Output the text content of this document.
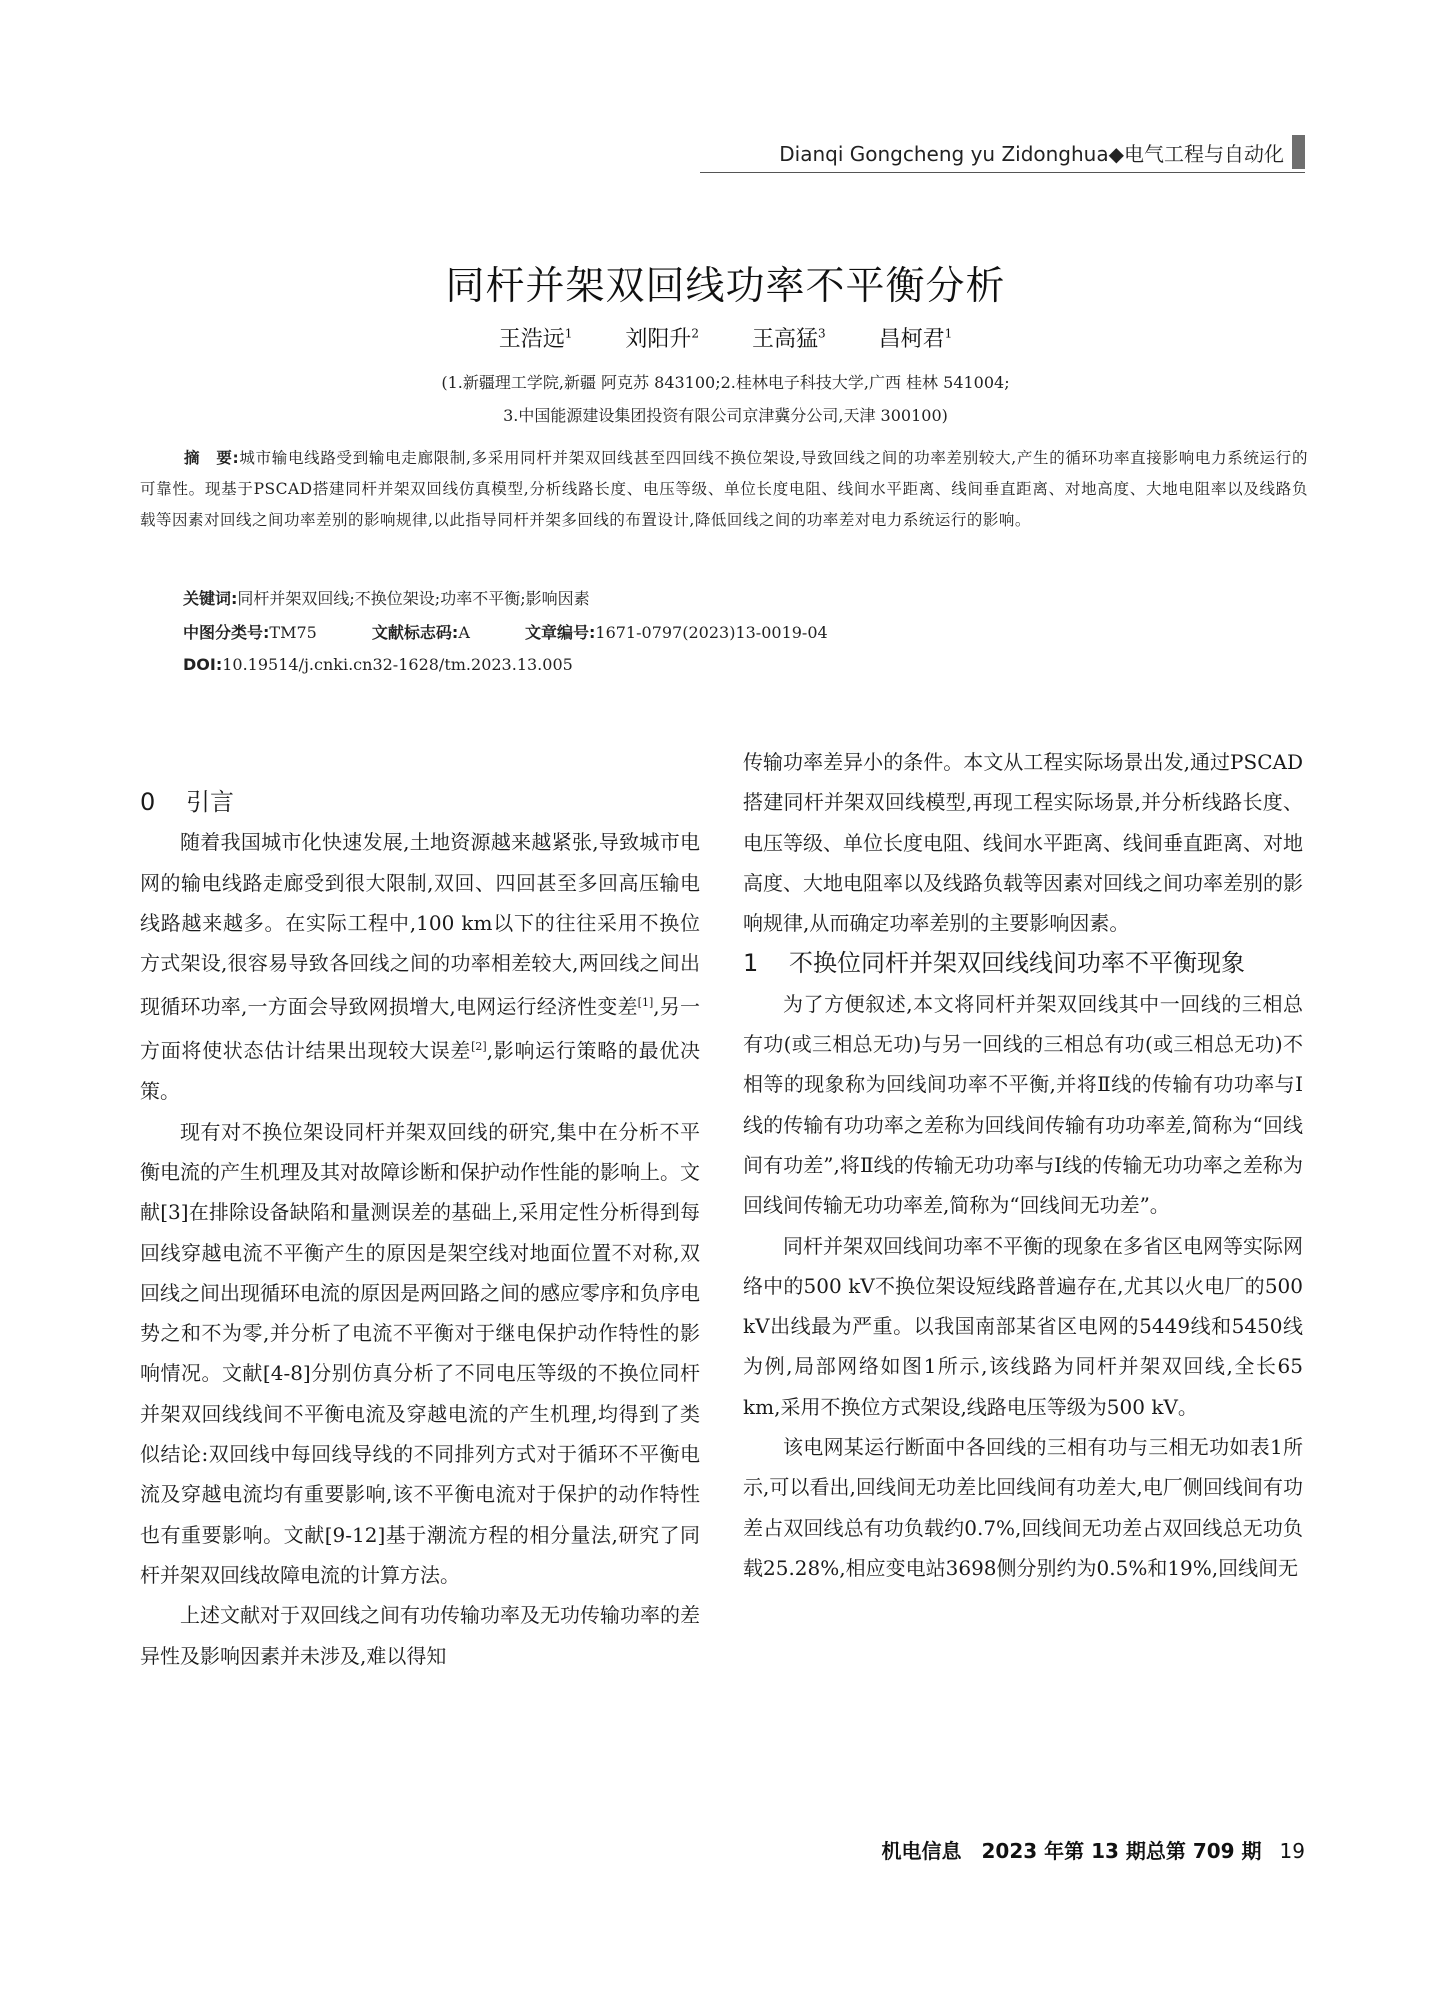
Dianqi Gongcheng yu Zidonghua◆电气工程与自动化
同杆并架双回线功率不平衡分析
王浩远$^1$ 刘阳升$^2$ 王高猛$^3$ 昌柯君$^1$
(1.新疆理工学院,新疆 阿克苏 843100;2.桂林电子科技大学,广西 桂林 541004;
3.中国能源建设集团投资有限公司京津冀分公司,天津 300100)
摘　要:城市输电线路受到输电走廊限制,多采用同杆并架双回线甚至四回线不换位架设,导致回线之间的功率差别较大,产生的循环功率直接影响电力系统运行的可靠性。现基于PSCAD搭建同杆并架双回线仿真模型,分析线路长度、电压等级、单位长度电阻、线间水平距离、线间垂直距离、对地高度、大地电阻率以及线路负载等因素对回线之间功率差别的影响规律,以此指导同杆并架多回线的布置设计,降低回线之间的功率差对电力系统运行的影响。
关键词:同杆并架双回线;不换位架设;功率不平衡;影响因素
中图分类号:TM75	文献标志码:A	文章编号:1671-0797(2023)13-0019-04
DOI:10.19514/j.cnki.cn32-1628/tm.2023.13.005
0 引言

随着我国城市化快速发展,土地资源越来越紧张,导致城市电网的输电线路走廊受到很大限制,双回、四回甚至多回高压输电线路越来越多。在实际工程中,100 km以下的往往采用不换位方式架设,很容易导致各回线之间的功率相差较大,两回线之间出现循环功率,一方面会导致网损增大,电网运行经济性变差[1],另一方面将使状态估计结果出现较大误差[2],影响运行策略的最优决策。

现有对不换位架设同杆并架双回线的研究,集中在分析不平衡电流的产生机理及其对故障诊断和保护动作性能的影响上。文献[3]在排除设备缺陷和量测误差的基础上,采用定性分析得到每回线穿越电流不平衡产生的原因是架空线对地面位置不对称,双回线之间出现循环电流的原因是两回路之间的感应零序和负序电势之和不为零,并分析了电流不平衡对于继电保护动作特性的影响情况。文献[4-8]分别仿真分析了不同电压等级的不换位同杆并架双回线线间不平衡电流及穿越电流的产生机理,均得到了类似结论:双回线中每回线导线的不同排列方式对于循环不平衡电流及穿越电流均有重要影响,该不平衡电流对于保护的动作特性也有重要影响。文献[9-12]基于潮流方程的相分量法,研究了同杆并架双回线故障电流的计算方法。

上述文献对于双回线之间有功传输功率及无功传输功率的差异性及影响因素并未涉及,难以得知

传输功率差异小的条件。本文从工程实际场景出发,通过PSCAD搭建同杆并架双回线模型,再现工程实际场景,并分析线路长度、电压等级、单位长度电阻、线间水平距离、线间垂直距离、对地高度、大地电阻率以及线路负载等因素对回线之间功率差别的影响规律,从而确定功率差别的主要影响因素。

1 不换位同杆并架双回线线间功率不平衡现象

为了方便叙述,本文将同杆并架双回线其中一回线的三相总有功(或三相总无功)与另一回线的三相总有功(或三相总无功)不相等的现象称为回线间功率不平衡,并将Ⅱ线的传输有功功率与Ⅰ线的传输有功功率之差称为回线间传输有功功率差,简称为“回线间有功差”,将Ⅱ线的传输无功功率与Ⅰ线的传输无功功率之差称为回线间传输无功功率差,简称为“回线间无功差”。

同杆并架双回线间功率不平衡的现象在多省区电网等实际网络中的500 kV不换位架设短线路普遍存在,尤其以火电厂的500 kV出线最为严重。以我国南部某省区电网的5449线和5450线为例,局部网络如图1所示,该线路为同杆并架双回线,全长65 km,采用不换位方式架设,线路电压等级为500 kV。

该电网某运行断面中各回线的三相有功与三相无功如表1所示,可以看出,回线间无功差比回线间有功差大,电厂侧回线间有功差占双回线总有功负载约0.7%,回线间无功差占双回线总无功负载25.28%,相应变电站3698侧分别约为0.5%和19%,回线间无

机电信息　2023 年第 13 期总第 709 期 19
